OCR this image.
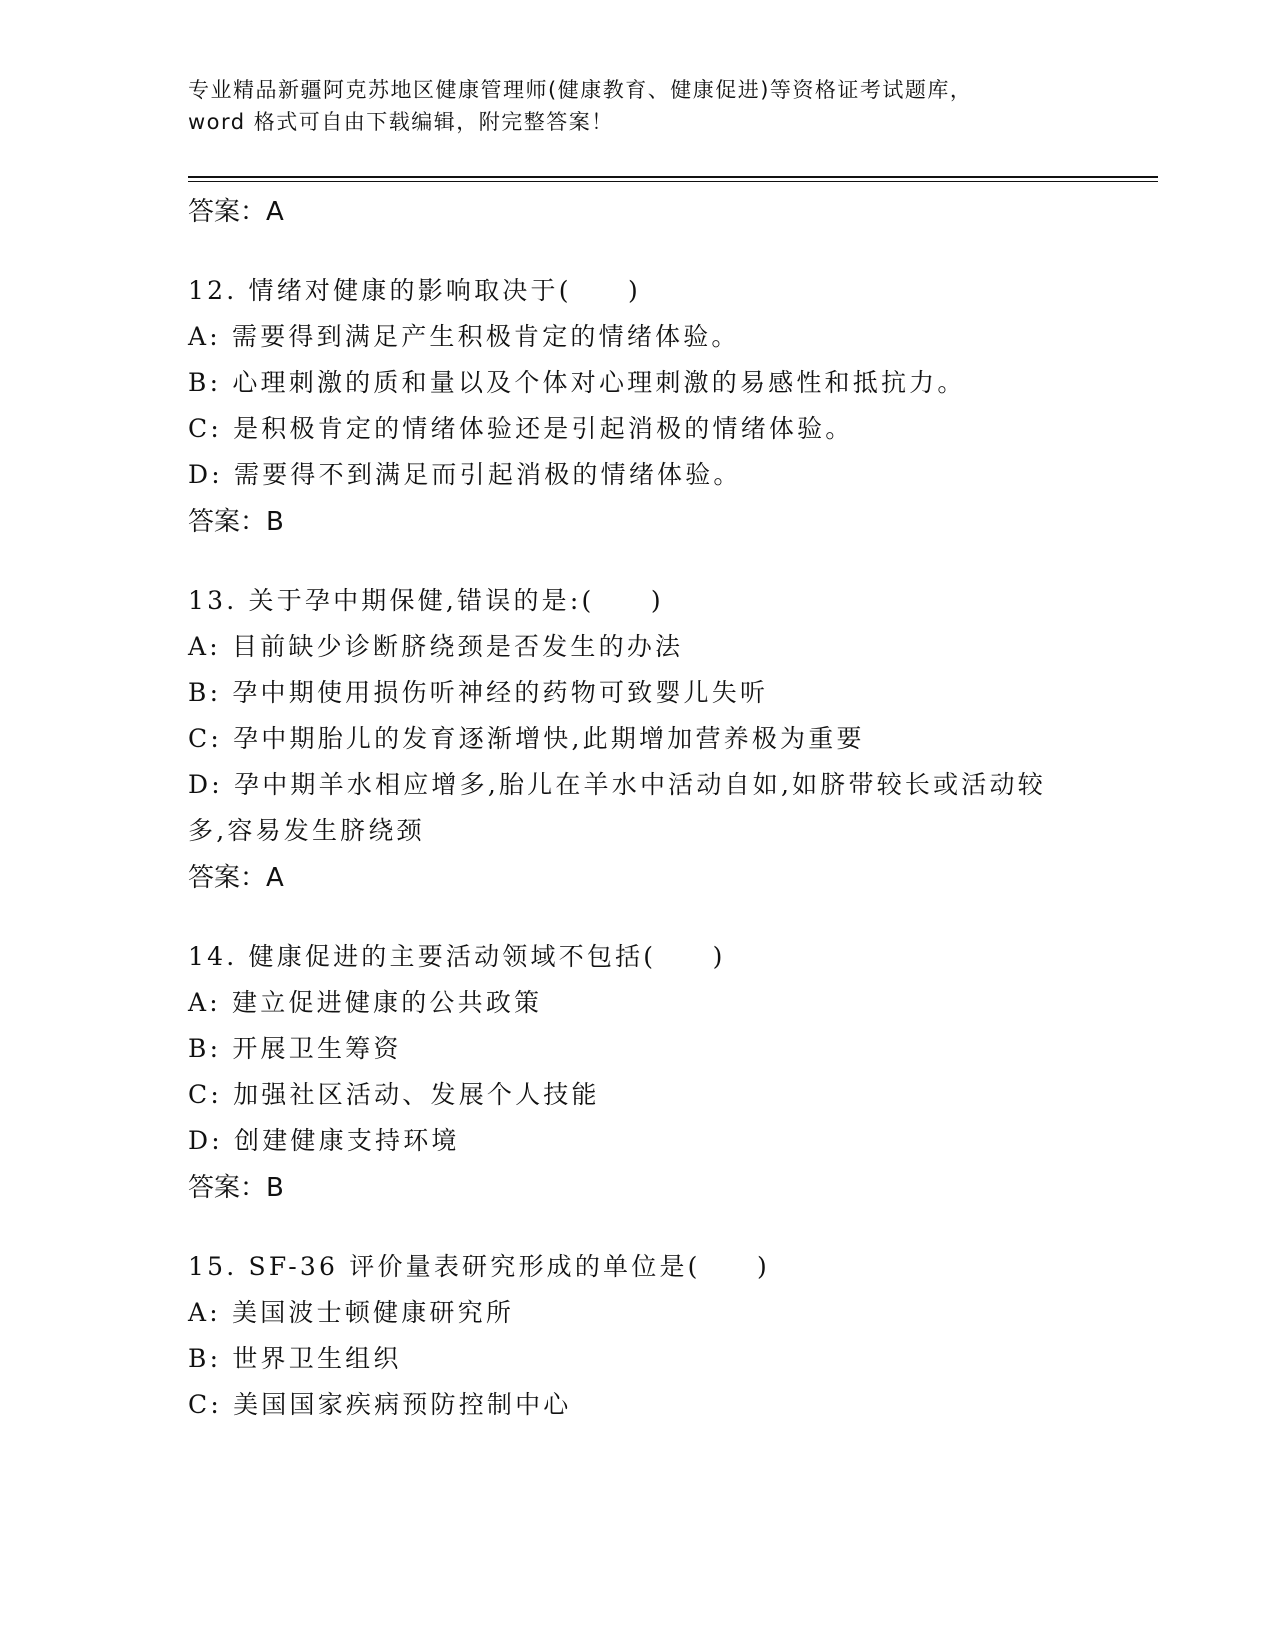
专业精品新疆阿克苏地区健康管理师(健康教育、健康促进)等资格证考试题库，
word 格式可自由下载编辑，附完整答案！
答案：A
12. 情绪对健康的影响取决于(　　)
A: 需要得到满足产生积极肯定的情绪体验。
B: 心理刺激的质和量以及个体对心理刺激的易感性和抵抗力。
C: 是积极肯定的情绪体验还是引起消极的情绪体验。
D: 需要得不到满足而引起消极的情绪体验。
答案：B
13. 关于孕中期保健,错误的是:(　　)
A: 目前缺少诊断脐绕颈是否发生的办法
B: 孕中期使用损伤听神经的药物可致婴儿失听
C: 孕中期胎儿的发育逐渐增快,此期增加营养极为重要
D: 孕中期羊水相应增多,胎儿在羊水中活动自如,如脐带较长或活动较
多,容易发生脐绕颈
答案：A
14. 健康促进的主要活动领域不包括(　　)
A: 建立促进健康的公共政策
B: 开展卫生筹资
C: 加强社区活动、发展个人技能
D: 创建健康支持环境
答案：B
15. SF-36 评价量表研究形成的单位是(　　)
A: 美国波士顿健康研究所
B: 世界卫生组织
C: 美国国家疾病预防控制中心
